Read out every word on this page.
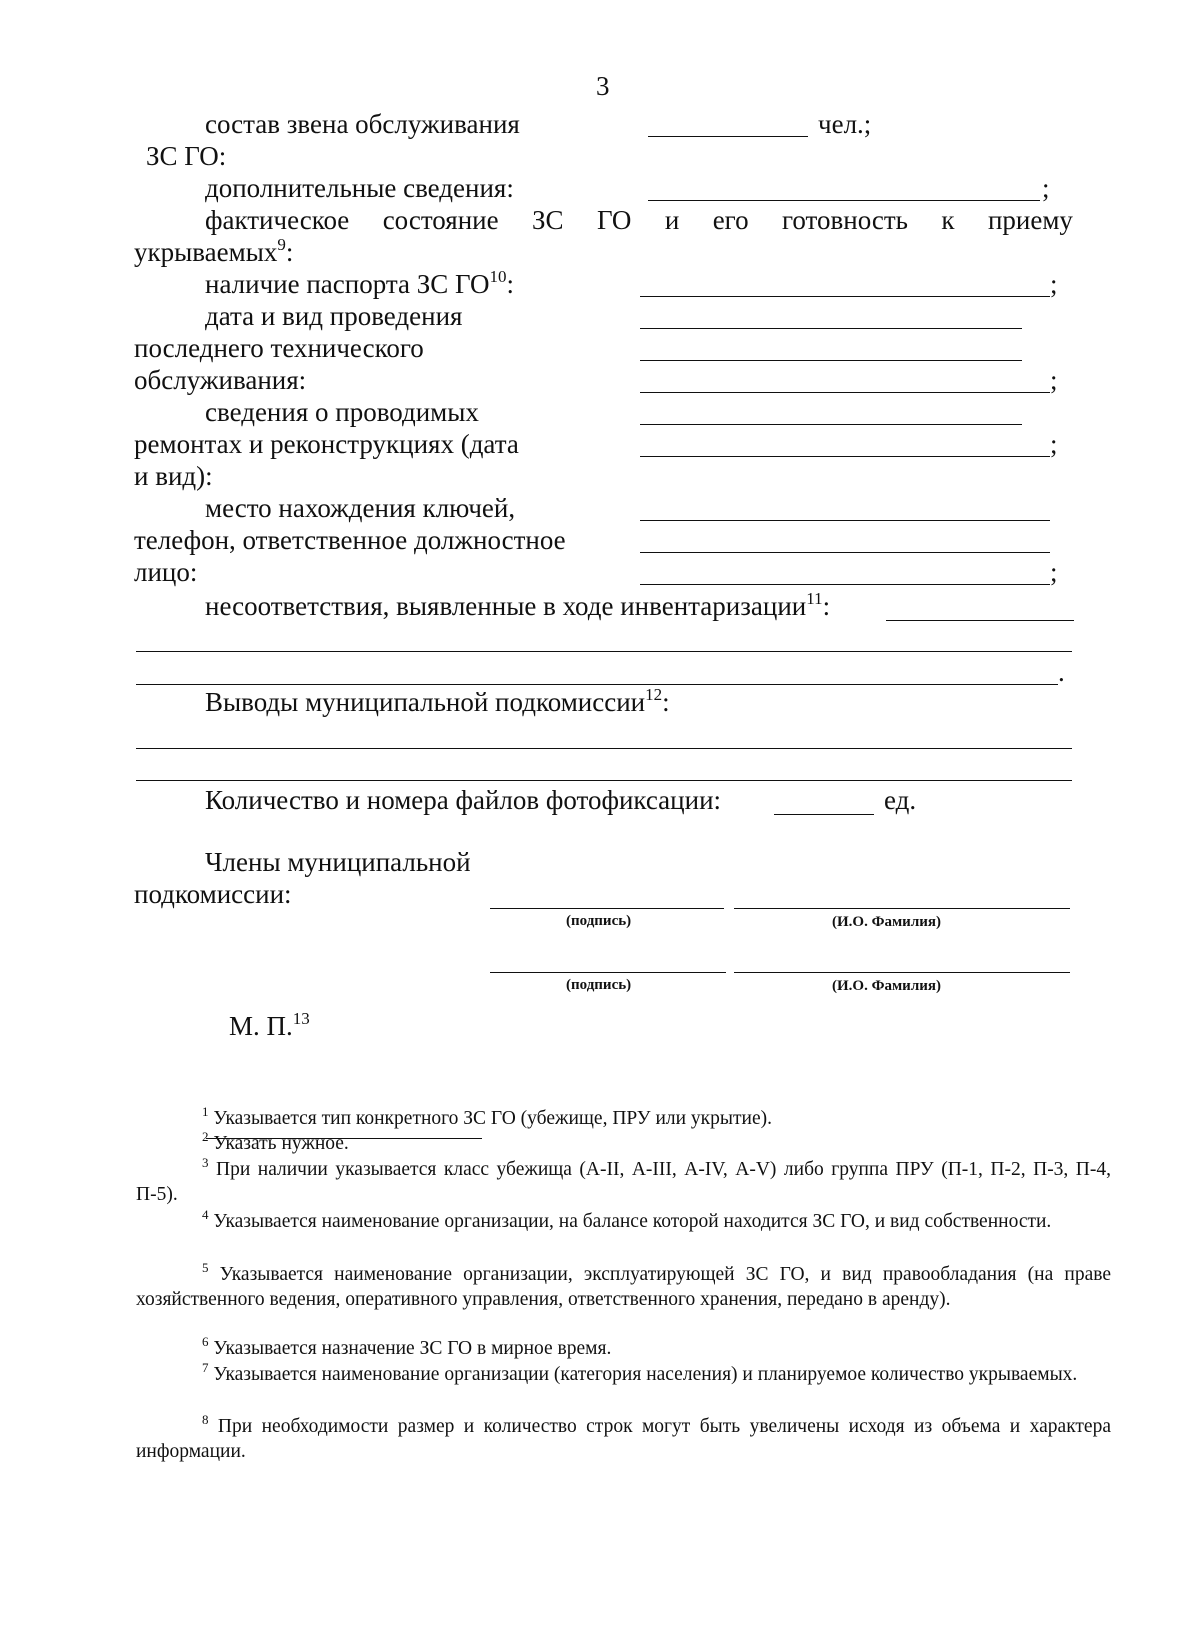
3
состав звена обслуживания	чел.;
ЗС ГО:
дополнительные сведения:	;
фактическое состояние ЗС ГО и его готовность к приему
укрываемых$^9$:
наличие паспорта ЗС ГО$^{10}$:	;
дата и вид проведения
последнего технического
обслуживания:	;
сведения о проводимых
ремонтах и реконструкциях (дата
и вид):
;
место нахождения ключей,
телефон, ответственное должностное
лицо:	;
несоответствия, выявленные в ходе инвентаризации$^{11}$:
.
Выводы муниципальной подкомиссии$^{12}$:
Количество и номера файлов фотофиксации:	ед.
Члены муниципальной
подкомиссии:
(подпись)	(И.О. Фамилия)
(подпись)	(И.О. Фамилия)
М. П.$^{13}$
$^1$ Указывается тип конкретного ЗС ГО (убежище, ПРУ или укрытие).
$^2$ Указать нужное.
$^3$ При наличии указывается класс убежища (А-II, А-III, А-IV, А-V) либо группа ПРУ (П-1, П-2, П-3, П-4, П-5).
$^4$ Указывается наименование организации, на балансе которой находится ЗС ГО, и вид собственности.
$^5$ Указывается наименование организации, эксплуатирующей ЗС ГО, и вид правообладания (на праве хозяйственного ведения, оперативного управления, ответственного хранения, передано в аренду).
$^6$ Указывается назначение ЗС ГО в мирное время.
$^7$ Указывается наименование организации (категория населения) и планируемое количество укрываемых.
$^8$ При необходимости размер и количество строк могут быть увеличены исходя из объема и характера информации.
